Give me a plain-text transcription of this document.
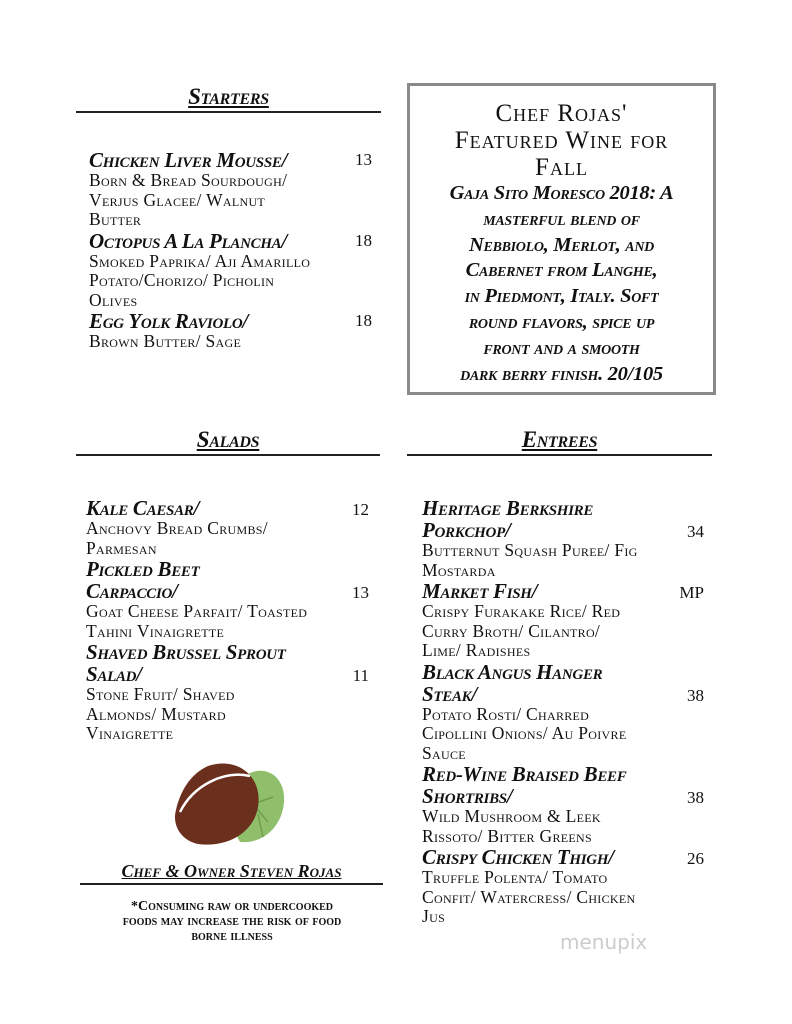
Starters
Chicken Liver Mousse/	13
Born & Bread Sourdough/
Verjus Glacee/ Walnut
Butter
Octopus A La Plancha/	18
Smoked Paprika/ Aji Amarillo
Potato/Chorizo/ Picholin
Olives
Egg Yolk Raviolo/	18
Brown Butter/ Sage
Chef Rojas'
Featured Wine for
Fall
Gaja Sito Moresco 2018: A
masterful blend of
Nebbiolo, Merlot, and
Cabernet from Langhe,
in Piedmont, Italy. Soft
round flavors, spice up
front and a smooth
dark berry finish. 20/105
Salads
Kale Caesar/	12
Anchovy Bread Crumbs/
Parmesan
Pickled Beet
Carpaccio/	13
Goat Cheese Parfait/ Toasted
Tahini Vinaigrette
Shaved Brussel Sprout
Salad/	11
Stone Fruit/ Shaved
Almonds/ Mustard
Vinaigrette
Entrees
Heritage Berkshire
Porkchop/	34
Butternut Squash Puree/ Fig
Mostarda
Market Fish/	MP
Crispy Furakake Rice/ Red
Curry Broth/ Cilantro/
Lime/ Radishes
Black Angus Hanger
Steak/	38
Potato Rosti/ Charred
Cipollini Onions/ Au Poivre
Sauce
Red-Wine Braised Beef
Shortribs/	38
Wild Mushroom & Leek
Rissoto/ Bitter Greens
Crispy Chicken Thigh/	26
Truffle Polenta/ Tomato
Confit/ Watercress/ Chicken
Jus
Chef & Owner Steven Rojas
*Consuming raw or undercooked
foods may increase the risk of food
borne illness	menupix
